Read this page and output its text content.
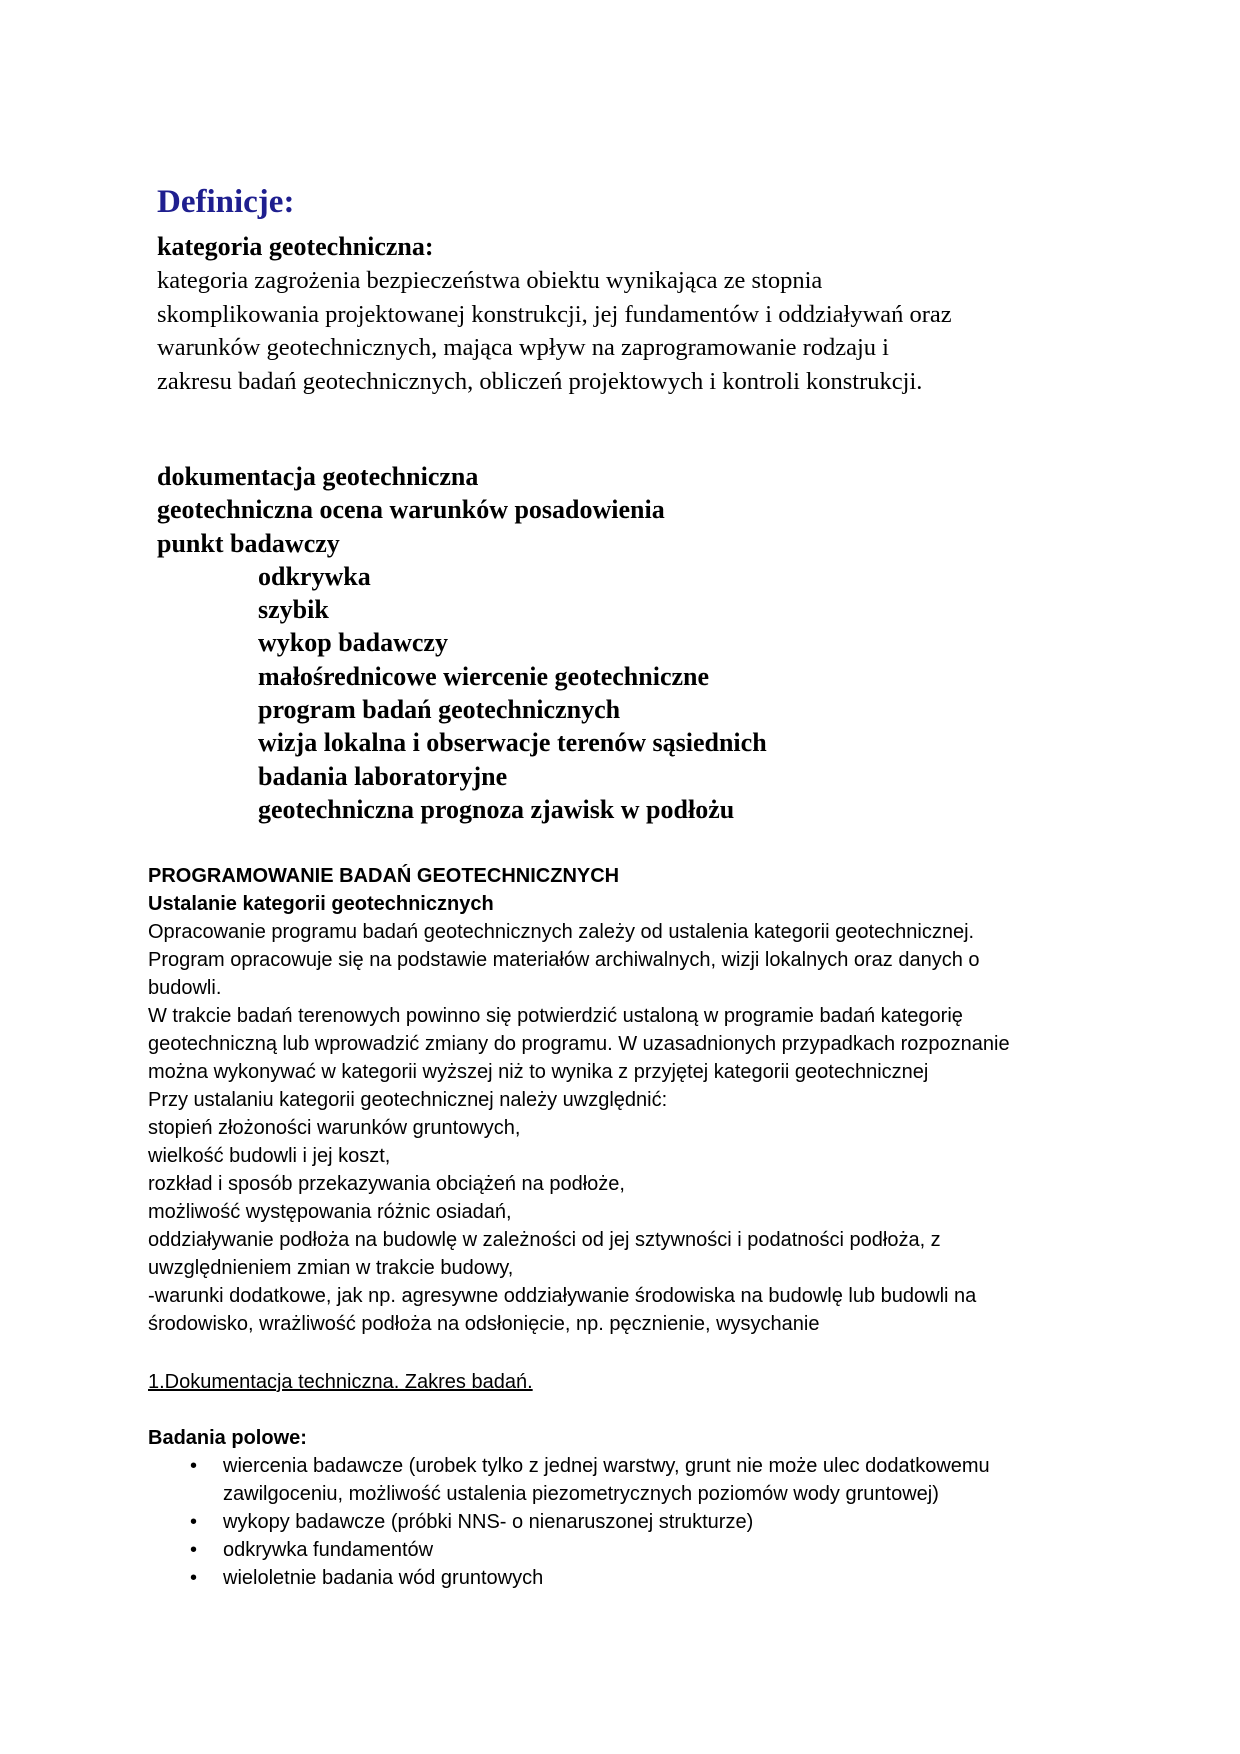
Definicje:
kategoria geotechniczna:

kategoria zagrożenia bezpieczeństwa obiektu wynikająca ze stopnia
skomplikowania projektowanej konstrukcji, jej fundamentów i oddziaływań oraz
warunków geotechnicznych, mająca wpływ na zaprogramowanie rodzaju i
zakresu badań geotechnicznych, obliczeń projektowych i kontroli konstrukcji.

dokumentacja geotechniczna
geotechniczna ocena warunków posadowienia
punkt badawczy
odkrywka
szybik
wykop badawczy
małośrednicowe wiercenie geotechniczne
program badań geotechnicznych
wizja lokalna i obserwacje terenów sąsiednich
badania laboratoryjne
geotechniczna prognoza zjawisk w podłożu

PROGRAMOWANIE BADAŃ GEOTECHNICZNYCH

Ustalanie kategorii geotechnicznych

Opracowanie programu badań geotechnicznych zależy od ustalenia kategorii geotechnicznej.

Program opracowuje się na podstawie materiałów archiwalnych, wizji lokalnych oraz danych o

budowli.

W trakcie badań terenowych powinno się potwierdzić ustaloną w programie badań kategorię

geotechniczną lub wprowadzić zmiany do programu. W uzasadnionych przypadkach rozpoznanie

można wykonywać w kategorii wyższej niż to wynika z przyjętej kategorii geotechnicznej

Przy ustalaniu kategorii geotechnicznej należy uwzględnić:

stopień złożoności warunków gruntowych,

wielkość budowli i jej koszt,

rozkład i sposób przekazywania obciążeń na podłoże,

możliwość występowania różnic osiadań,

oddziaływanie podłoża na budowlę w zależności od jej sztywności i podatności podłoża, z

uwzględnieniem zmian w trakcie budowy,

-warunki dodatkowe, jak np. agresywne oddziaływanie środowiska na budowlę lub budowli na

środowisko, wrażliwość podłoża na odsłonięcie, np. pęcznienie, wysychanie

1.Dokumentacja techniczna. Zakres badań.

Badania polowe:

• wiercenia badawcze (urobek tylko z jednej warstwy, grunt nie może ulec dodatkowemu
zawilgoceniu, możliwość ustalenia piezometrycznych poziomów wody gruntowej)
• wykopy badawcze (próbki NNS- o nienaruszonej strukturze)
• odkrywka fundamentów
• wieloletnie badania wód gruntowych
